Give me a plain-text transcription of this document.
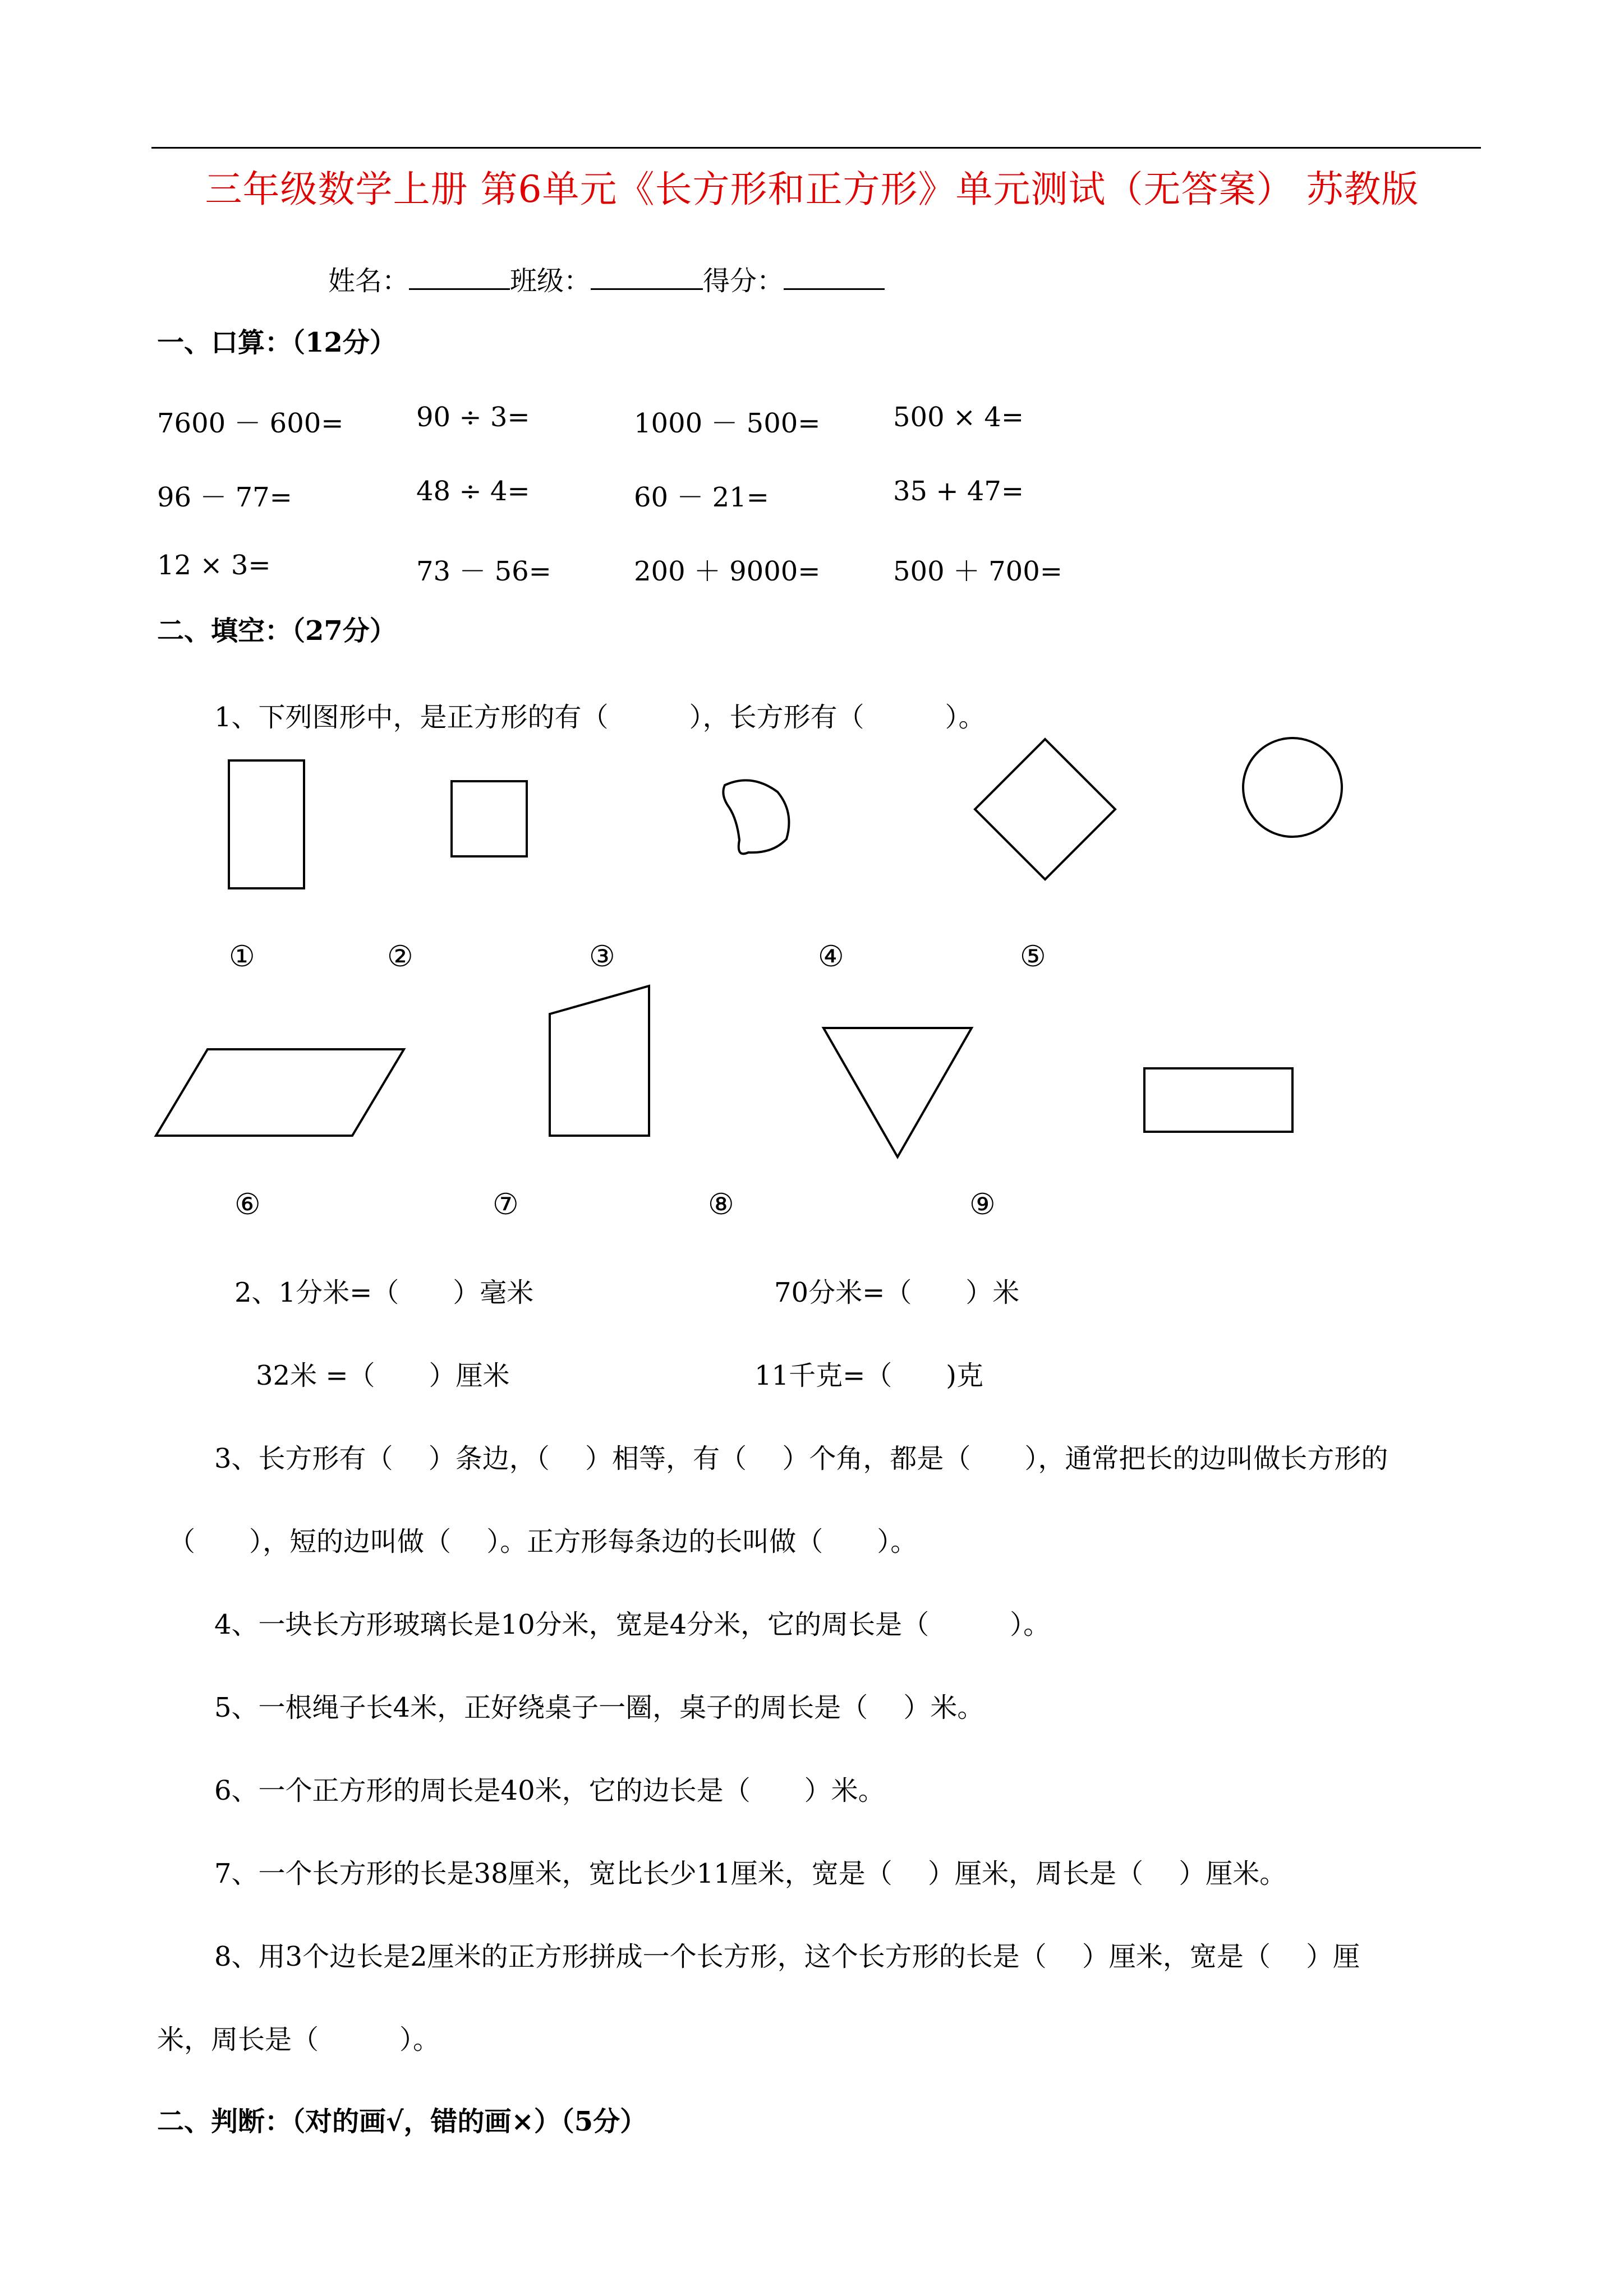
三年级数学上册 第6单元《长方形和正方形》单元测试（无答案） 苏教版
姓名：	班级：	得分：
一、口算：（12分）
7600 － 600=	90 ÷ 3=	1000 － 500=	500 × 4=
96 － 77=	48 ÷ 4=	60 － 21=	35 + 47=
12 × 3=	73 － 56=	200 ＋ 9000=	500 ＋ 700=
二、填空：（27分）
1、下列图形中，是正方形的有（　　　），长方形有（　　　）。
①	②	③	④	⑤
⑥	⑦	⑧	⑨
2、1分米=（　　）毫米	70分米=（　　）米
32米 =（　　）厘米	11千克=（　　)克
3、长方形有（　 ）条边，（　 ）相等，有（　 ）个角，都是（　　），通常把长的边叫做长方形的
（　　），短的边叫做（　 ）。正方形每条边的长叫做（　　）。
4、一块长方形玻璃长是10分米，宽是4分米，它的周长是（　　　）。
5、一根绳子长4米，正好绕桌子一圈，桌子的周长是（　 ）米。
6、一个正方形的周长是40米，它的边长是（　　）米。
7、一个长方形的长是38厘米，宽比长少11厘米，宽是（　 ）厘米，周长是（　 ）厘米。
8、用3个边长是2厘米的正方形拼成一个长方形，这个长方形的长是（　 ）厘米，宽是（　 ）厘
米，周长是（　　　）。
二、判断：（对的画√，错的画×）（5分）
